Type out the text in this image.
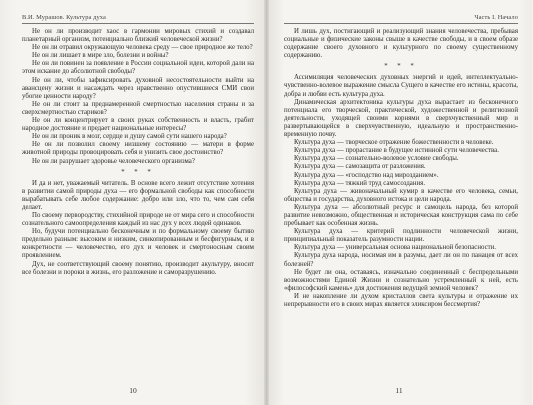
В.И. Мурашов. Культура духа

Не он ли производит хаос в гармонии мировых стихий и создавал планетарный организм, потенциально близкий человеческой жизни?

Не он ли отравил окружающую человека среду — свое природное же тело?

Не он ли лишает в мире зло, болезни и войны?

Не он ли повинен за появление в России социальной идеи, которой дали на этом искание до абсолютной свободы?

Не он ли, чтобы зафиксировать духовной несостоятельности выйти на авансцену жизни и насаждать через нравственно опустившиеся СМИ свои убогие ценности народу?

Не он ли стоит за преднамеренной смертностью населения страны и за сверхсмертностью стариков?

Не он ли концентрирует в своих руках собственность и власть, грабит народное достояние и предает национальные интересы?

Не он ли проник в мозг, сердце и душу самой сути нашего народа?

Не он ли позволил своему низшему состоянию — матери в форме животной природы провоцировать себя и унизить свое достоинство?

Не он ли разрушает здоровье человеческого организма?

* * *

И да и нет, уважаемый читатель. В основе всего лежит отсутствие хотения в развитии самой природы духа — его формальной свободы как способности вырабатывать себе любое содержание: добро или зло, что то, чем сам себя делает.

По своему первородству, стихийной природе не от мира сего и способности сознательного самоопределения каждый из нас дух у всех людей одинаков.

Но, будучи потенциально бесконечным и по формальному своему бытию предельно разным: высоким и низким, синкопированным и бесфигурным, и в конкретности — человечество, его дух и человек и смертоносным своим проявлением.

Дух, не соответствующий своему понятию, производит акультуру, вносит все болезни и пороки в жизнь, его разложение и саморазрушению.

10
Часть I. Начало

И лишь дух, постигающий и реализующий знания человечества, пребывая социальные и физические законы свыше в качестве свободы, и в своем образе содержание своего духовного и культурного по своему существенному содержанию.

* * *

Ассимиляция человеческих духовных энергий и идей, интеллектуально-чувственно-волевое выражение смысла Сущего в качестве его истины, красоты, добра и любви есть культура духа.

Динамическая архитектоника культуры духа вырастает из бесконечного потенциала его творческой, практической, художественной и религиозной деятельности, уходящей своими корнями в сверхчувственный мир и развертывающейся в сверхчувственную, идеальную и пространственно-временную почву.

Культура духа — творческое отражение божественности в человеке.

Культура духа — прорастание в будущее истинной сути человечества.

Культура духа — сознательно-волевое условие свободы.

Культура духа — самозащита от разложения.

Культура духа — «господство над мирозданием».

Культура духа — тяжкий труд самосоздания.

Культура духа — живоначальный кумир в качестве его человека, семьи, общества и государства, духовного истока и цели народа.

Культура духа — абсолютный ресурс и самоцель народа, без которой развитие невозможно, общественная и историческая конструкция сама по себе пребывает как особенная жизнь.

Культура духа — критерий подлинности человеческой жизни, принципиальный показатель разумности нации.

Культура духа — универсальная основа национальной безопасности.

Культура духа народа, носимая им в разумы, дает ли он по панацея от всех болезней?

Не будет ли она, оставаясь, изначально соединенный с беспредельными возможностями Единой Жизни и сознательно устремленный к ней, есть «философский камень» для достижения ведущей земной человек?

И не накопление ли духом кристаллов света культуры и отражение их непрерывности его в своих мирах является эликсиром бессмертия?

11
